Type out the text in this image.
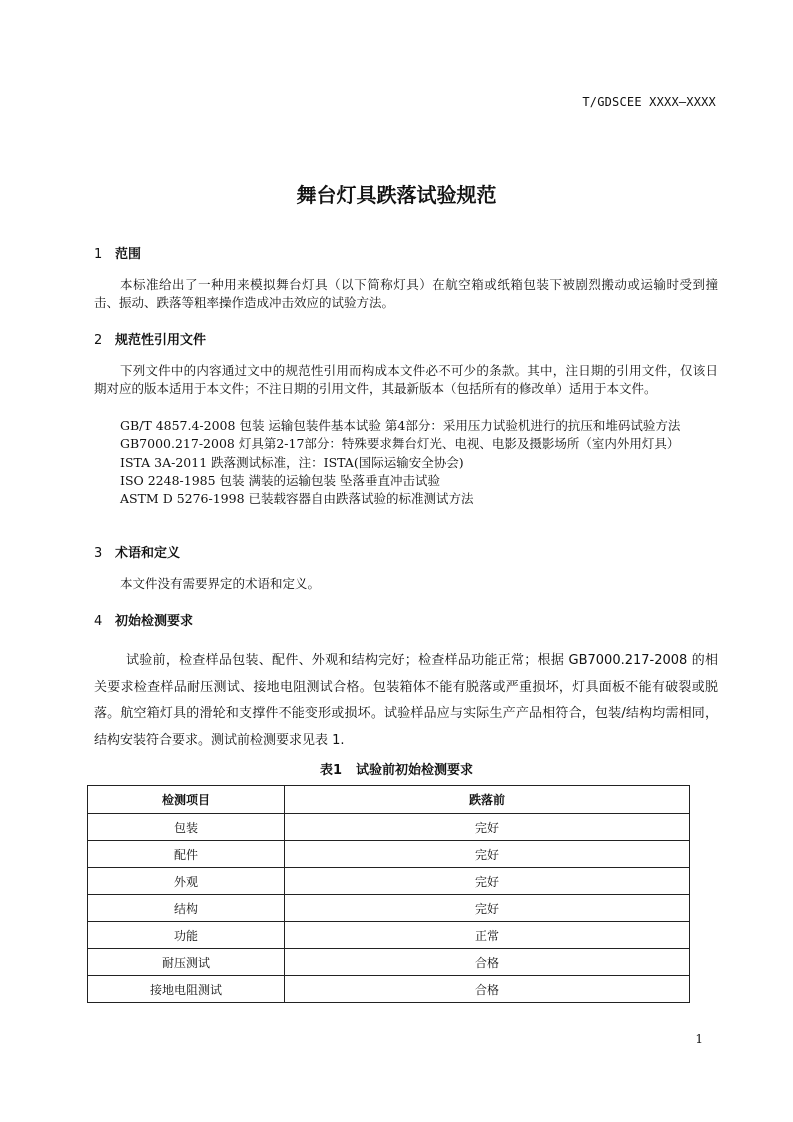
T/GDSCEE XXXX—XXXX
舞台灯具跌落试验规范
1 范围
本标准给出了一种用来模拟舞台灯具（以下简称灯具）在航空箱或纸箱包装下被剧烈搬动或运输时受到撞击、振动、跌落等粗率操作造成冲击效应的试验方法。
2 规范性引用文件
下列文件中的内容通过文中的规范性引用而构成本文件必不可少的条款。其中，注日期的引用文件，仅该日期对应的版本适用于本文件；不注日期的引用文件，其最新版本（包括所有的修改单）适用于本文件。
GB/T 4857.4-2008 包装 运输包装件基本试验 第4部分：采用压力试验机进行的抗压和堆码试验方法
GB7000.217-2008 灯具第2-17部分：特殊要求舞台灯光、电视、电影及摄影场所（室内外用灯具）
ISTA 3A-2011 跌落测试标准，注：ISTA(国际运输安全协会)
ISO 2248-1985 包装 满装的运输包装 坠落垂直冲击试验
ASTM D 5276-1998 已装载容器自由跌落试验的标准测试方法
3 术语和定义
本文件没有需要界定的术语和定义。
4 初始检测要求
试验前，检查样品包装、配件、外观和结构完好；检查样品功能正常；根据 GB7000.217-2008 的相关要求检查样品耐压测试、接地电阻测试合格。包装箱体不能有脱落或严重损坏，灯具面板不能有破裂或脱落。航空箱灯具的滑轮和支撑件不能变形或损坏。试验样品应与实际生产产品相符合，包装/结构均需相同，结构安装符合要求。测试前检测要求见表 1.
表1 试验前初始检测要求
检测项目	跌落前
包装	完好
配件	完好
外观	完好
结构	完好
功能	正常
耐压测试	合格
接地电阻测试	合格
1
